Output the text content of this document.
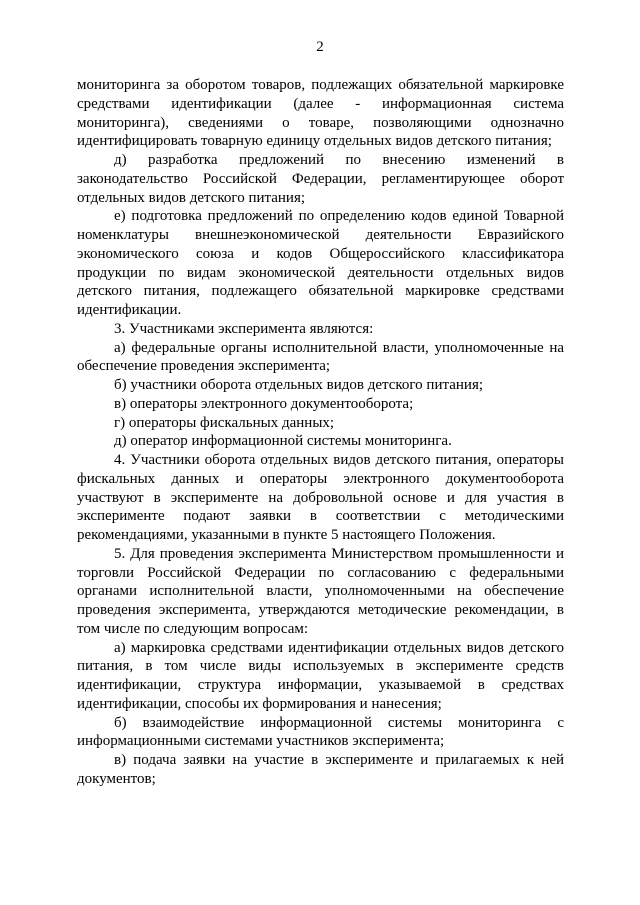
2

мониторинга за оборотом товаров, подлежащих обязательной маркировке средствами идентификации (далее - информационная система мониторинга), сведениями о товаре, позволяющими однозначно идентифицировать товарную единицу отдельных видов детского питания;

д) разработка предложений по внесению изменений в законодательство Российской Федерации, регламентирующее оборот отдельных видов детского питания;

е) подготовка предложений по определению кодов единой Товарной номенклатуры внешнеэкономической деятельности Евразийского экономического союза и кодов Общероссийского классификатора продукции по видам экономической деятельности отдельных видов детского питания, подлежащего обязательной маркировке средствами идентификации.

3. Участниками эксперимента являются:

а) федеральные органы исполнительной власти, уполномоченные на обеспечение проведения эксперимента;

б) участники оборота отдельных видов детского питания;

в) операторы электронного документооборота;

г) операторы фискальных данных;

д) оператор информационной системы мониторинга.

4. Участники оборота отдельных видов детского питания, операторы фискальных данных и операторы электронного документооборота участвуют в эксперименте на добровольной основе и для участия в эксперименте подают заявки в соответствии с методическими рекомендациями, указанными в пункте 5 настоящего Положения.

5. Для проведения эксперимента Министерством промышленности и торговли Российской Федерации по согласованию с федеральными органами исполнительной власти, уполномоченными на обеспечение проведения эксперимента, утверждаются методические рекомендации, в том числе по следующим вопросам:

а) маркировка средствами идентификации отдельных видов детского питания, в том числе виды используемых в эксперименте средств идентификации, структура информации, указываемой в средствах идентификации, способы их формирования и нанесения;

б) взаимодействие информационной системы мониторинга с информационными системами участников эксперимента;

в) подача заявки на участие в эксперименте и прилагаемых к ней документов;
